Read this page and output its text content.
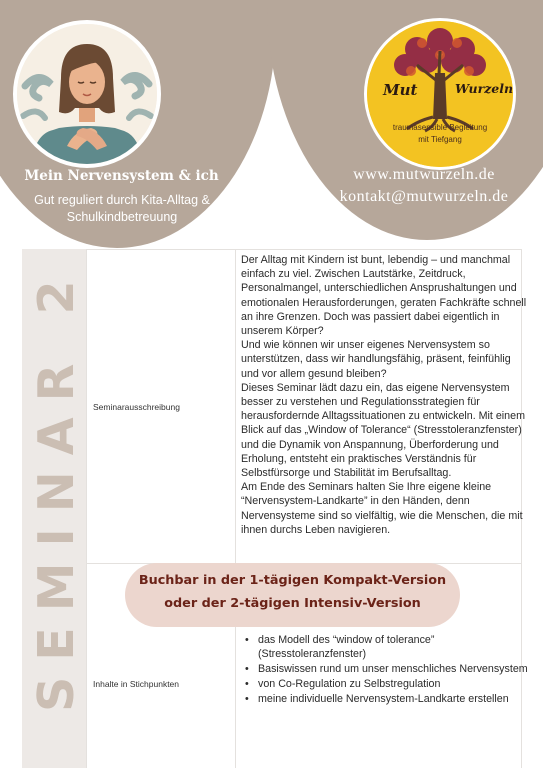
Mut	Wurzeln
traumasensible Begleitung
mit Tiefgang
Mein Nervensystem & ich
Gut reguliert durch Kita-Alltag & Schulkindbetreuung
www.mutwurzeln.de
kontakt@mutwurzeln.de
SEMINAR 2 Seminarausschreibung

Der Alltag mit Kindern ist bunt, lebendig – und manchmal einfach zu viel. Zwischen Lautstärke, Zeitdruck, Personalmangel, unterschiedlichen Ansprushaltungen und emotionalen Herausforderungen, geraten Fachkräfte schnell an ihre Grenzen. Doch was passiert dabei eigentlich in unserem Körper?

Und wie können wir unser eigenes Nervensystem so unterstützen, dass wir handlungsfähig, präsent, feinfühlig und vor allem gesund bleiben?

Dieses Seminar lädt dazu ein, das eigene Nervensystem besser zu verstehen und Regulationsstrategien für herausfordernde Alltagssituationen zu entwickeln. Mit einem Blick auf das „Window of Tolerance“ (Stresstoleranzfenster) und die Dynamik von Anspannung, Überforderung und Erholung, entsteht ein praktisches Verständnis für Selbstfürsorge und Stabilität im Berufsalltag.

Am Ende des Seminars halten Sie Ihre eigene kleine “Nervensystem-Landkarte” in den Händen, denn Nervensysteme sind so vielfältig, wie die Menschen, die mit ihnen durchs Leben navigieren.

Buchbar in der 1-tägigen Kompakt-Version
oder der 2-tägigen Intensiv-Version
Inhalte in Stichpunkten
• das Modell des “window of tolerance” (Stresstoleranzfenster)
• Basiswissen rund um unser menschliches Nervensystem
• von Co-Regulation zu Selbstregulation
• meine individuelle Nervensystem-Landkarte erstellen
